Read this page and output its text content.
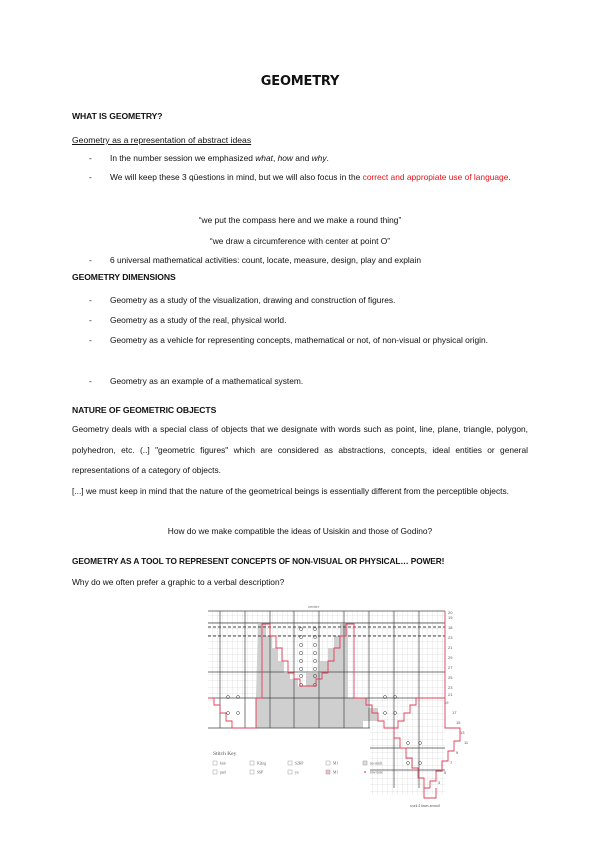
GEOMETRY
WHAT IS GEOMETRY?
Geometry as a representation of abstract ideas
- In the number session we emphasized what, how and why.
- We will keep these 3 qüestions in mind, but we will also focus in the correct and appropiate use of language.
“we put the compass here and we make a round thing”
“we draw a circumference with center at point O”
- 6 universal mathematical activities: count, locate, measure, design, play and explain
GEOMETRY DIMENSIONS
- Geometry as a study of the visualization, drawing and construction of figures.
- Geometry as a study of the real, physical world.
- Geometry as a vehicle for representing concepts, mathematical or not, of non-visual or physical origin.
- Geometry as an example of a mathematical system.
NATURE OF GEOMETRIC OBJECTS
Geometry deals with a special class of objects that we designate with words such as point, line, plane, triangle, polygon, polyhedron, etc. (..] "geometric figures" which are considered as abstractions, concepts, ideal entities or general representations of a category of objects.
[...] we must keep in mind that the nature of the geometrical beings is essentially different from the perceptible objects.
How do we make compatible the ideas of Usiskin and those of Godino?
GEOMETRY AS A TOOL TO REPRESENT CONCEPTS OF NON-VISUAL OR PHYSICAL… POWER!
Why do we often prefer a graphic to a verbal description?
center
20
19
18
23
21
29
27
25
23
21
19
17
15
13
11
9
7
5
3
Stitch Key
knit	K2tog	S2KP	M1	no stitch
purl	SSP	yo	M1	row note
work 4 times around
